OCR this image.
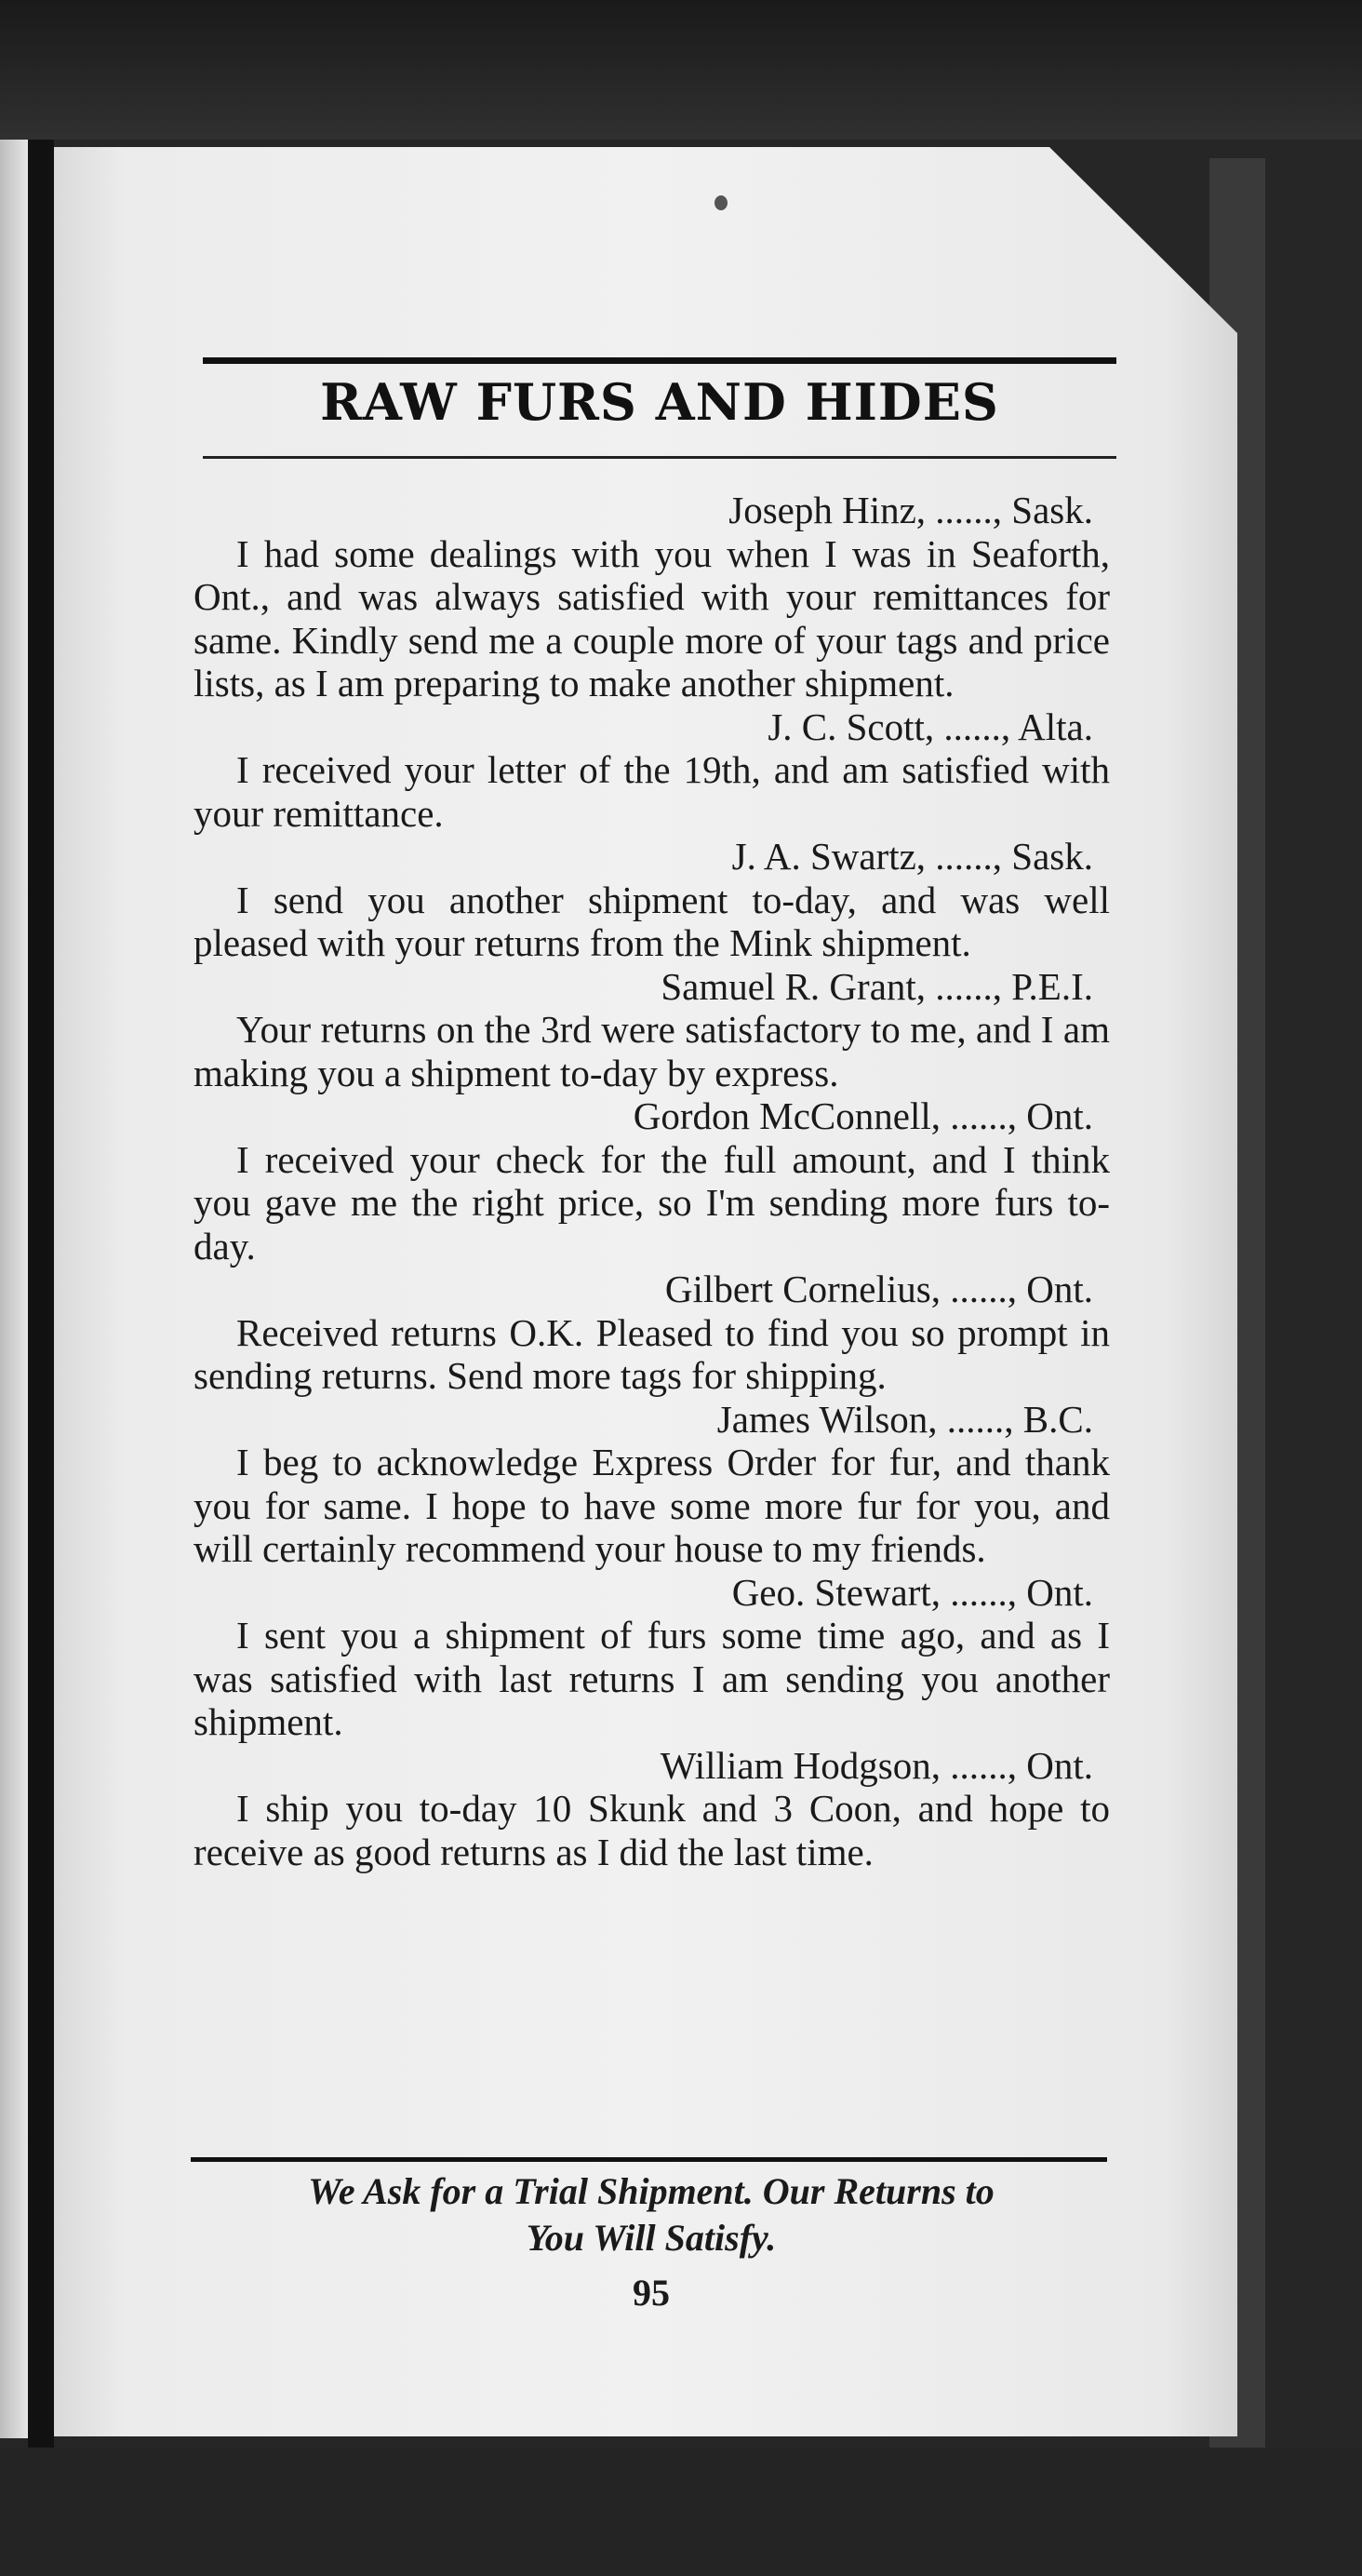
RAW FURS AND HIDES
Joseph Hinz, ......, Sask.
I had some dealings with you when I was in Seaforth, Ont., and was always satisfied with your remittances for same. Kindly send me a couple more of your tags and price lists, as I am preparing to make another shipment.
J. C. Scott, ......, Alta.
I received your letter of the 19th, and am satisfied with your remittance.
J. A. Swartz, ......, Sask.
I send you another shipment to-day, and was well pleased with your returns from the Mink shipment.
Samuel R. Grant, ......, P.E.I.
Your returns on the 3rd were satisfactory to me, and I am making you a shipment to-day by express.
Gordon McConnell, ......, Ont.
I received your check for the full amount, and I think you gave me the right price, so I'm sending more furs to-day.
Gilbert Cornelius, ......, Ont.
Received returns O.K. Pleased to find you so prompt in sending returns. Send more tags for shipping.
James Wilson, ......, B.C.
I beg to acknowledge Express Order for fur, and thank you for same. I hope to have some more fur for you, and will certainly recommend your house to my friends.
Geo. Stewart, ......, Ont.
I sent you a shipment of furs some time ago, and as I was satisfied with last returns I am sending you another shipment.
William Hodgson, ......, Ont.
I ship you to-day 10 Skunk and 3 Coon, and hope to receive as good returns as I did the last time.
We Ask for a Trial Shipment. Our Returns to
You Will Satisfy.
95
